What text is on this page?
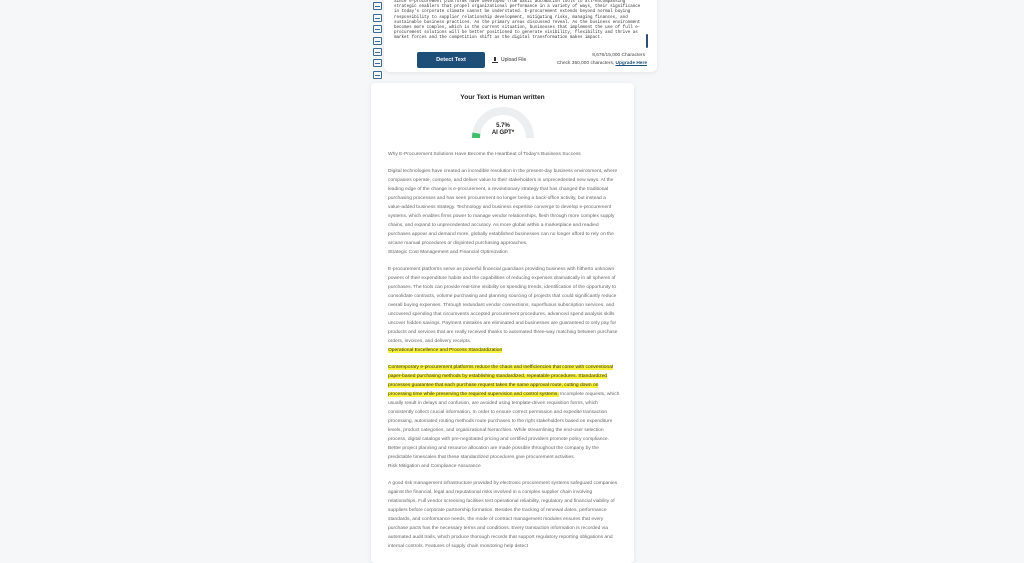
Since e-procurement platforms have developed from basic automation tools to all-encompassing strategic enablers that propel organizational performance in a variety of ways, their significance in today's corporate climate cannot be understated. E-procurement extends beyond normal buying responsibility to supplier relationship development, mitigating risks, managing finances, and sustainable business practices. As the primary areas discussed reveal. As the business environment becomes more complex, which is the current situation, businesses that implement the use of full e-procurement solutions will be better positioned to generate visibility, flexibility and thrive as market forces and the competition shift as the digital transformation makes impact.
Detect Text	Upload File
8,676/15,000 Characters
Check 350,000 characters, Upgrade Here
Your Text is Human written
5.7%
AI GPT*

Why E-Procurement Solutions Have Become the Heartbeat of Today's Business Success

Digital technologies have created an incredible revolution in the present-day business environment, where companies operate, compete, and deliver value to their stakeholders in unprecedented new ways. At the leading edge of the change is e-procurement, a revolutionary strategy that has changed the traditional purchasing processes and has seen procurement no longer being a back-office activity, but instead a value-added business strategy. Technology and business expertise converge to develop e-procurement systems, which enables firms power to manage vendor relationships, flesh through more complex supply chains, and expand to unprecedented accuracy. As more global within a marketplace and readied purchases appear and demand more, globally established businesses can no longer afford to rely on the arcane manual procedures or disjointed purchasing approaches.

Strategic Cost Management and Financial Optimization

E-procurement platforms serve as powerful financial guardians providing business with hitherto unknown powers of their expenditure habits and the capabilities of reducing expenses dramatically in all spheres of purchases. The tools can provide real-time visibility on spending trends, identification of the opportunity to consolidate contracts, volume purchasing and planning sourcing of projects that could significantly reduce overall buying expenses. Through redundant vendor connections, superfluous subscription services, and uncovered spending that circumvents accepted procurement procedures, advanced spend analysis skills uncover hidden savings. Payment mistakes are eliminated and businesses are guaranteed to only pay for products and services that are really received thanks to automated three-way matching between purchase orders, invoices, and delivery receipts.

Operational Excellence and Process Standardization

Contemporary e-procurement platforms reduce the chaos and inefficiencies that come with conventional paper-based purchasing methods by establishing standardized, repeatable procedures. Standardized processes guarantee that each purchase request takes the same approval route, cutting down on processing time while preserving the required supervision and control systems. Incomplete requests, which usually result in delays and confusion, are avoided using template-driven requisition forms, which consistently collect crucial information. In order to ensure correct permission and expedite transaction processing, automated routing methods route purchases to the right stakeholders based on expenditure levels, product categories, and organizational hierarchies. While streamlining the end-user selection process, digital catalogs with pre-negotiated pricing and certified providers promote policy compliance. Better project planning and resource allocation are made possible throughout the company by the predictable timescales that these standardized procedures give procurement activities.

Risk Mitigation and Compliance Assurance

A good risk management infrastructure provided by electronic procurement systems safeguard companies against the financial, legal and reputational risks involved in a complex supplier chain involving relationships. Full vendor screening facilities test operational reliability, regulatory and financial viability of suppliers before corporate partnership formation. Besides the tracking of renewal dates, performance standards, and conformance needs, the mode of contract management modules ensures that every purchase pacts has the necessary terms and conditions. Every transaction information is recorded via automated audit trails, which produce thorough records that support regulatory reporting obligations and internal controls. Features of supply chain monitoring help detect
